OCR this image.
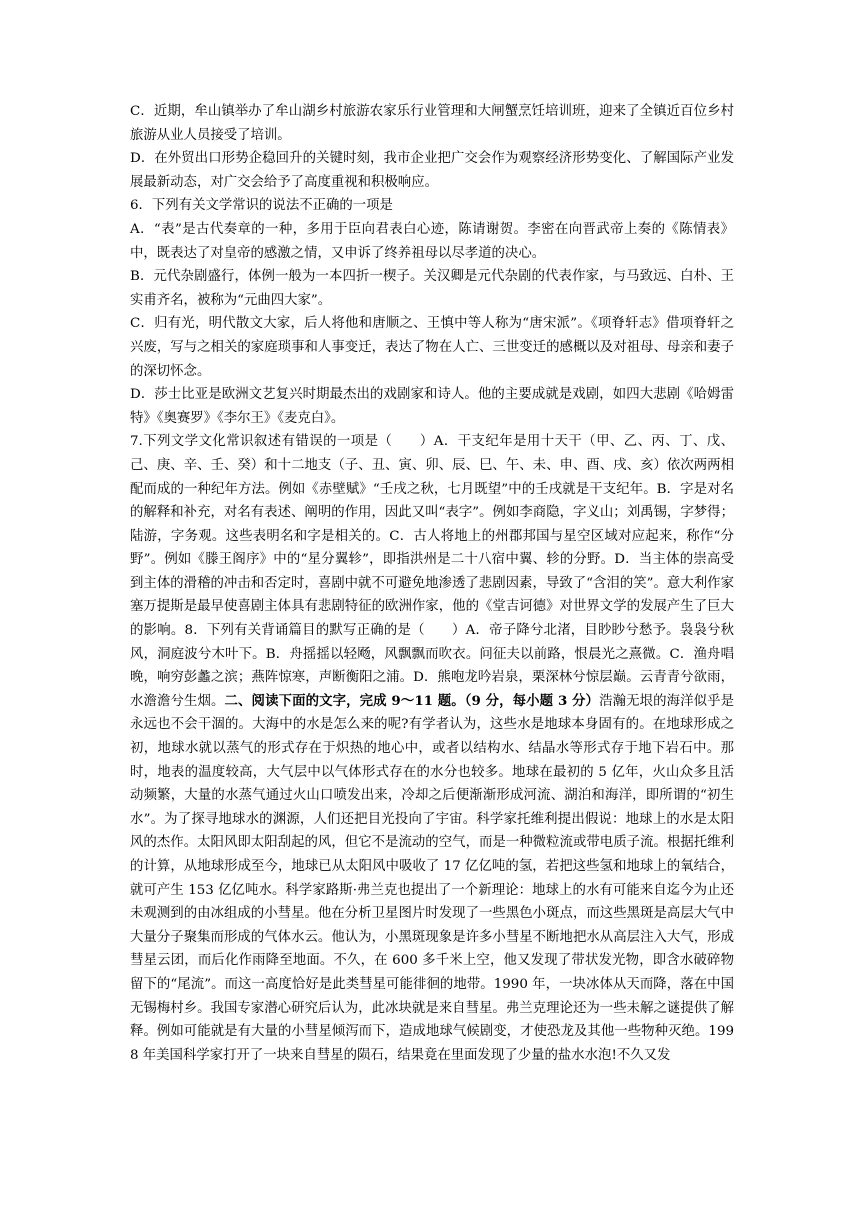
C．近期，牟山镇举办了牟山湖乡村旅游农家乐行业管理和大闸蟹烹饪培训班，迎来了全镇近百位乡村旅游从业人员接受了培训。

D．在外贸出口形势企稳回升的关键时刻，我市企业把广交会作为观察经济形势变化、了解国际产业发展最新动态，对广交会给予了高度重视和积极响应。

6．下列有关文学常识的说法不正确的一项是

A．“表”是古代奏章的一种，多用于臣向君表白心迹，陈请谢贺。李密在向晋武帝上奏的《陈情表》中，既表达了对皇帝的感激之情，又申诉了终养祖母以尽孝道的决心。

B．元代杂剧盛行，体例一般为一本四折一楔子。关汉卿是元代杂剧的代表作家，与马致远、白朴、王实甫齐名，被称为“元曲四大家”。

C．归有光，明代散文大家，后人将他和唐顺之、王慎中等人称为“唐宋派”。《项脊轩志》借项脊轩之兴废，写与之相关的家庭琐事和人事变迁，表达了物在人亡、三世变迁的感概以及对祖母、母亲和妻子的深切怀念。

D．莎士比亚是欧洲文艺复兴时期最杰出的戏剧家和诗人。他的主要成就是戏剧，如四大悲剧《哈姆雷特》《奥赛罗》《李尔王》《麦克白》。

7.下列文学文化常识叙述有错误的一项是（　　）A．干支纪年是用十天干（甲、乙、丙、丁、戊、己、庚、辛、壬、癸）和十二地支（子、丑、寅、卯、辰、巳、午、未、申、酉、戌、亥）依次两两相配而成的一种纪年方法。例如《赤壁赋》“壬戌之秋，七月既望”中的壬戌就是干支纪年。B．字是对名的解释和补充，对名有表述、阐明的作用，因此又叫“表字”。例如李商隐，字义山；刘禹锡，字梦得；陆游，字务观。这些表明名和字是相关的。C．古人将地上的州郡邦国与星空区域对应起来，称作“分野”。例如《滕王阁序》中的“星分翼轸”，即指洪州是二十八宿中翼、轸的分野。D．当主体的崇高受到主体的滑稽的冲击和否定时，喜剧中就不可避免地渗透了悲剧因素，导致了“含泪的笑”。意大利作家塞万提斯是最早使喜剧主体具有悲剧特征的欧洲作家，他的《堂吉诃德》对世界文学的发展产生了巨大的影响。8．下列有关背诵篇目的默写正确的是（　　）A．帝子降兮北渚，目眇眇兮愁予。袅袅兮秋风，洞庭波兮木叶下。B．舟摇摇以轻飏，风飘飘而吹衣。问征夫以前路，恨晨光之熹微。C．渔舟唱晚，响穷彭蠡之滨；燕阵惊寒，声断衡阳之浦。D．熊咆龙吟岩泉，栗深林兮惊层巅。云青青兮欲雨，水澹澹兮生烟。二、阅读下面的文字，完成 9～11 题。（9 分，每小题 3 分）浩瀚无垠的海洋似乎是永远也不会干涸的。大海中的水是怎么来的呢?有学者认为，这些水是地球本身固有的。在地球形成之初，地球水就以蒸气的形式存在于炽热的地心中，或者以结构水、结晶水等形式存于地下岩石中。那时，地表的温度较高，大气层中以气体形式存在的水分也较多。地球在最初的 5 亿年，火山众多且活动频繁，大量的水蒸气通过火山口喷发出来，冷却之后便渐渐形成河流、湖泊和海洋，即所谓的“初生水”。为了探寻地球水的渊源，人们还把目光投向了宇宙。科学家托维利提出假说：地球上的水是太阳风的杰作。太阳风即太阳刮起的风，但它不是流动的空气，而是一种微粒流或带电质子流。根据托维利的计算，从地球形成至今，地球已从太阳风中吸收了 17 亿亿吨的氢，若把这些氢和地球上的氧结合，就可产生 153 亿亿吨水。科学家路斯·弗兰克也提出了一个新理论：地球上的水有可能来自迄今为止还未观测到的由冰组成的小彗星。他在分析卫星图片时发现了一些黑色小斑点，而这些黑斑是高层大气中大量分子聚集而形成的气体水云。他认为，小黑斑现象是许多小彗星不断地把水从高层注入大气，形成彗星云团，而后化作雨降至地面。不久，在 600 多千米上空，他又发现了带状发光物，即含水破碎物留下的“尾流”。而这一高度恰好是此类彗星可能徘徊的地带。1990 年，一块冰体从天而降，落在中国无锡梅村乡。我国专家潜心研究后认为，此冰块就是来自彗星。弗兰克理论还为一些未解之谜提供了解释。例如可能就是有大量的小彗星倾泻而下，造成地球气候剧变，才使恐龙及其他一些物种灭绝。1998 年美国科学家打开了一块来自彗星的陨石，结果竟在里面发现了少量的盐水水泡!不久又发
